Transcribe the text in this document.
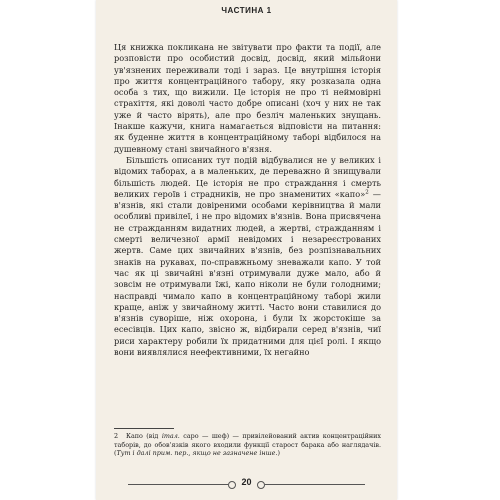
ЧАСТИНА 1

Ця книжка покликана не звітувати про факти та події, але розповісти про особистий досвід, досвід, який мільйони ув'язнених переживали тоді і зараз. Це внутрішня історія про життя концентраційного табору, яку розказала одна особа з тих, що вижили. Це історія не про ті неймовірні страхіття, які доволі часто добре описані (хоч у них не так уже й часто вірять), але про безліч маленьких знущань. Інакше кажучи, книга намагається відповісти на питання: як буденне життя в концентраційному таборі відбилося на душевному стані звичайного в'язня.

Більшість описаних тут подій відбувалися не у великих і відомих таборах, а в маленьких, де переважно й знищували більшість людей. Це історія не про страждання і смерть великих героїв і страдників, не про знаменитих «капо»$^2$ — в'язнів, які стали довіреними особами керівництва й мали особливі привілеї, і не про відомих в'язнів. Вона присвячена не стражданням видатних людей, а жертві, стражданням і смерті величезної армії невідомих і незареєстрованих жертв. Саме цих звичайних в'язнів, без розпізнавальних знаків на рукавах, по-справжньому зневажали капо. У той час як ці звичайні в'язні отримували дуже мало, або й зовсім не отримували їжі, капо ніколи не були голодними; насправді чимало капо в концентраційному таборі жили краще, аніж у звичайному житті. Часто вони ставилися до в'язнів суворіше, ніж охорона, і були їх жорстокіше за есесівців. Цих капо, звісно ж, відбирали серед в'язнів, чиї риси характеру робили їх придатними для цієї ролі. І якщо вони виявлялися неефективними, їх негайно

2 Капо (від італ. capo — шеф) — привілейований актив концентраційних таборів, до обов'язків якого входили функції старост барака або наглядачів. (Тут і далі прим. пер., якщо не зазначене інше.)
20
